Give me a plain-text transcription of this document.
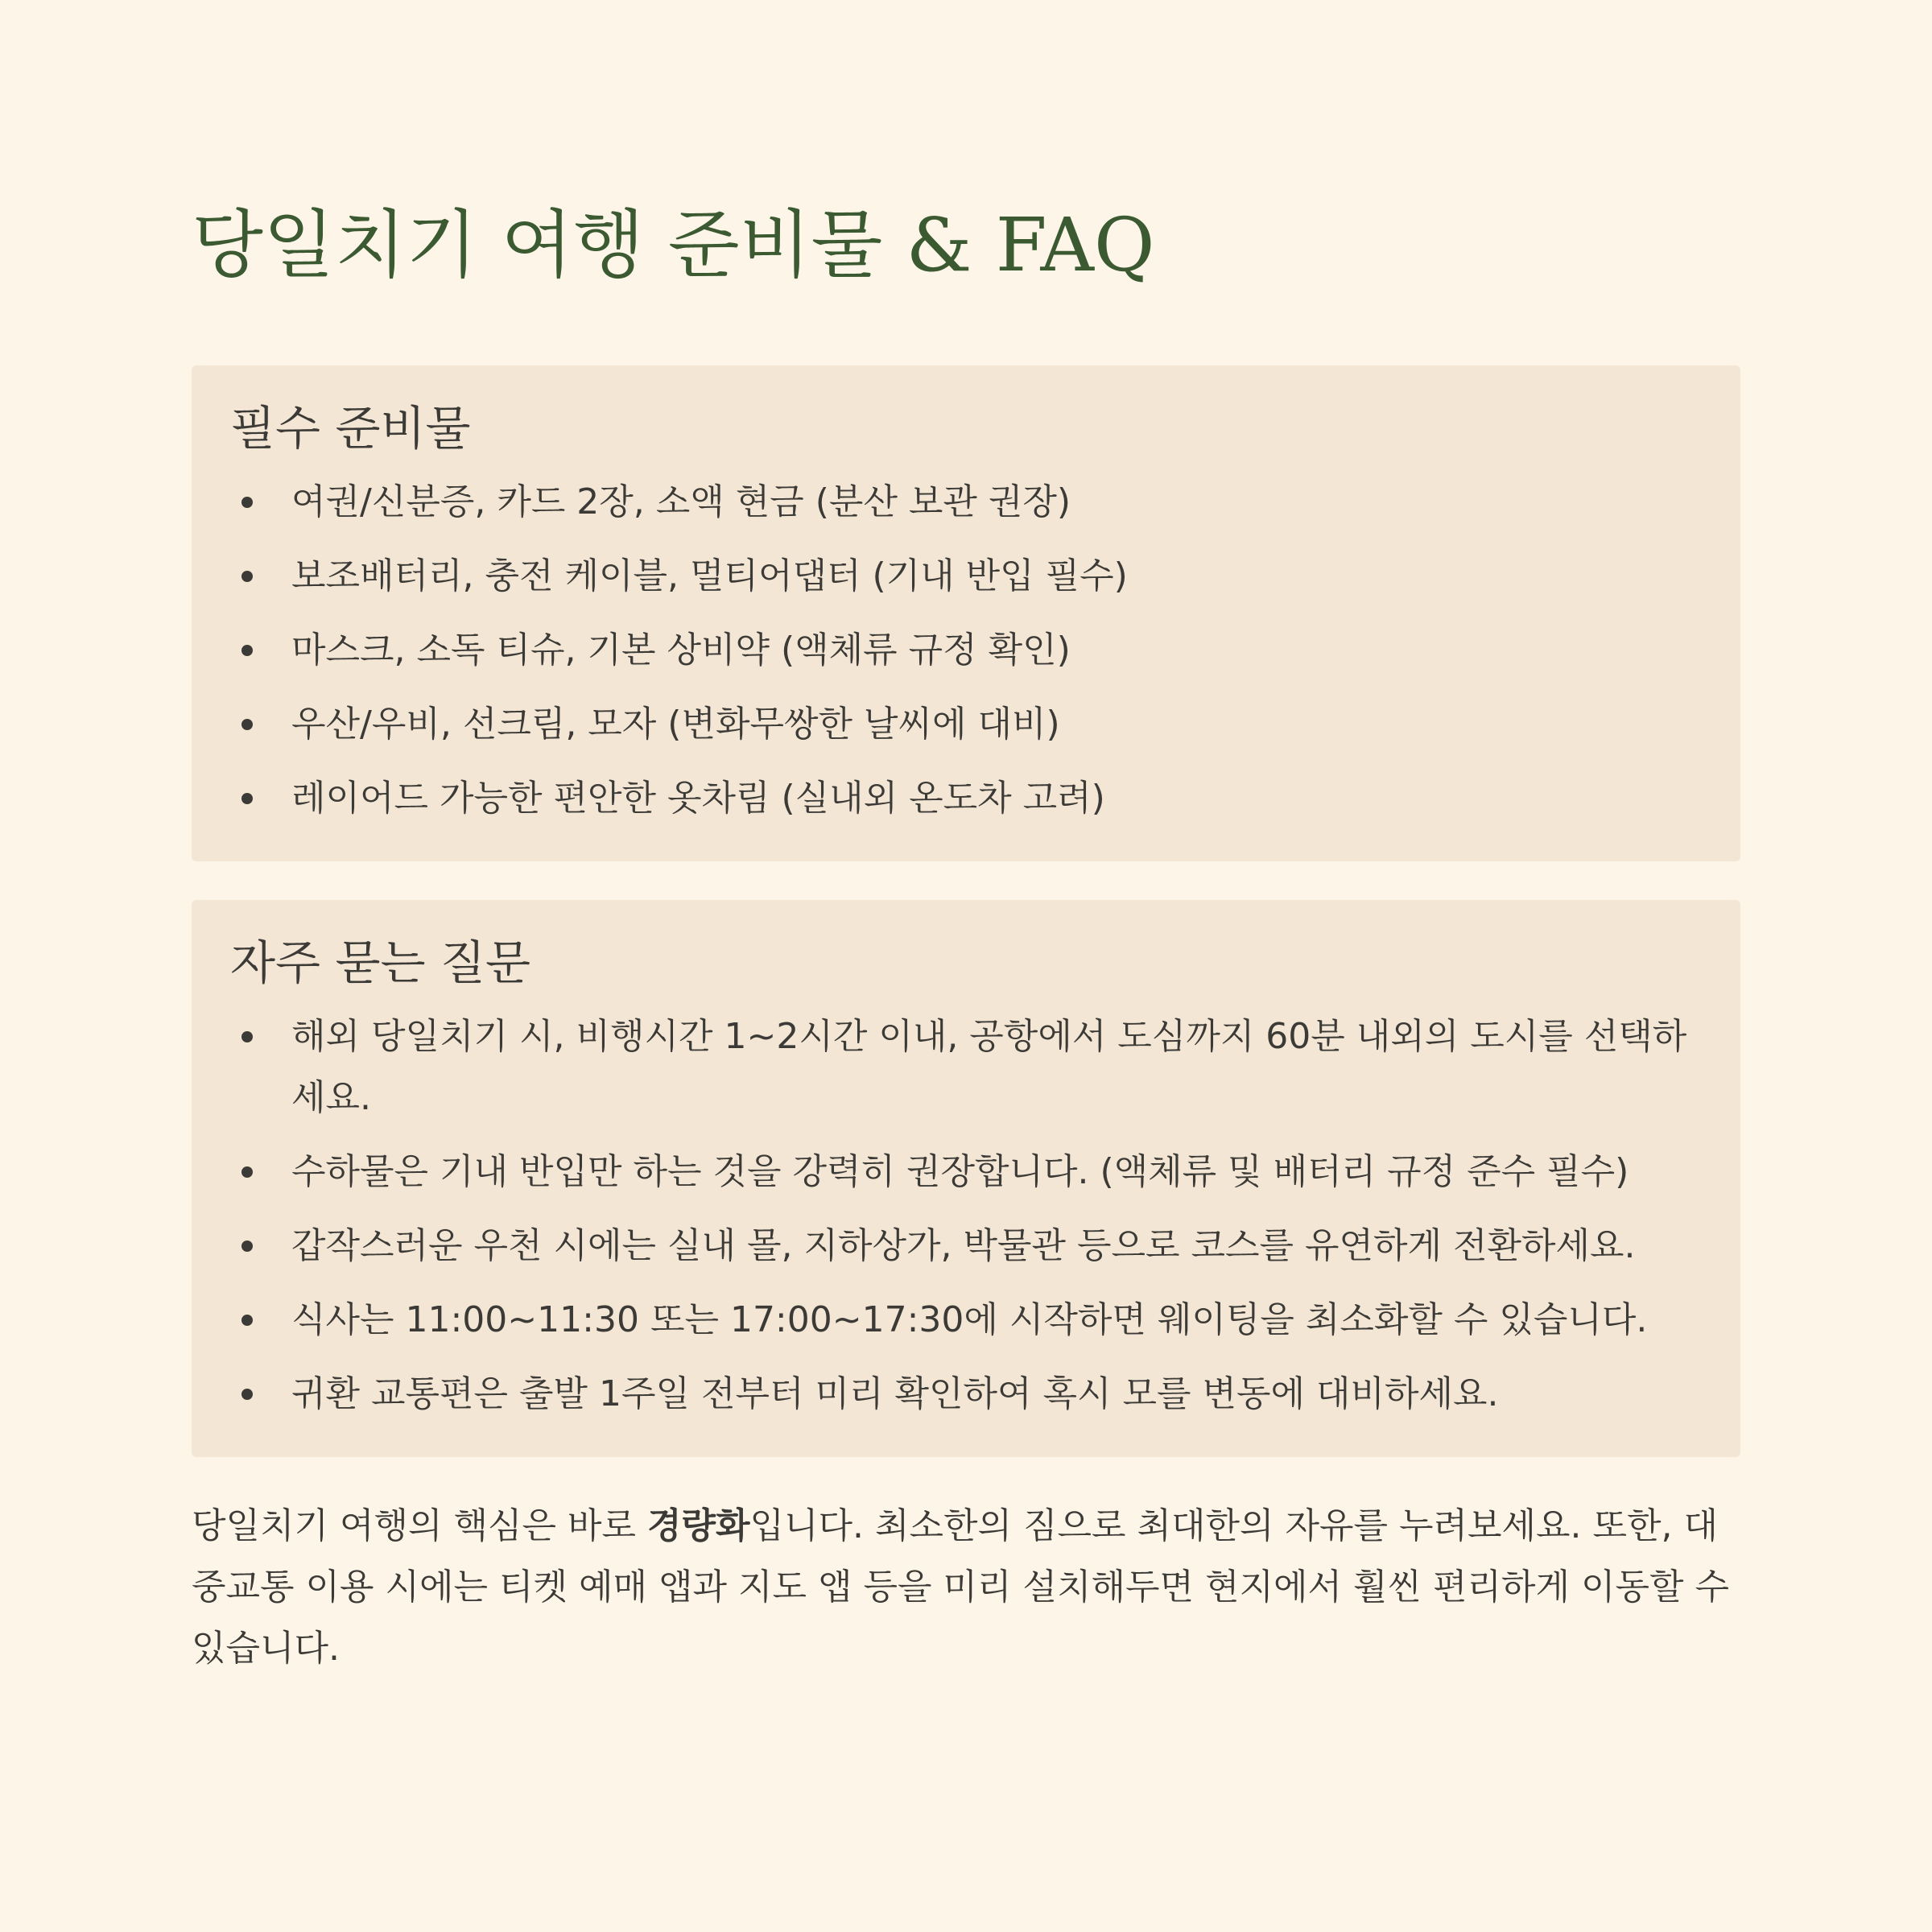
당일치기 여행 준비물 & FAQ
필수 준비물
여권/신분증, 카드 2장, 소액 현금 (분산 보관 권장)
보조배터리, 충전 케이블, 멀티어댑터 (기내 반입 필수)
마스크, 소독 티슈, 기본 상비약 (액체류 규정 확인)
우산/우비, 선크림, 모자 (변화무쌍한 날씨에 대비)
레이어드 가능한 편안한 옷차림 (실내외 온도차 고려)
자주 묻는 질문
해외 당일치기 시, 비행시간 1~2시간 이내, 공항에서 도심까지 60분 내외의 도시를 선택하세요.
수하물은 기내 반입만 하는 것을 강력히 권장합니다. (액체류 및 배터리 규정 준수 필수)
갑작스러운 우천 시에는 실내 몰, 지하상가, 박물관 등으로 코스를 유연하게 전환하세요.
식사는 11:00~11:30 또는 17:00~17:30에 시작하면 웨이팅을 최소화할 수 있습니다.
귀환 교통편은 출발 1주일 전부터 미리 확인하여 혹시 모를 변동에 대비하세요.

당일치기 여행의 핵심은 바로 경량화입니다. 최소한의 짐으로 최대한의 자유를 누려보세요. 또한, 대중교통 이용 시에는 티켓 예매 앱과 지도 앱 등을 미리 설치해두면 현지에서 훨씬 편리하게 이동할 수 있습니다.
